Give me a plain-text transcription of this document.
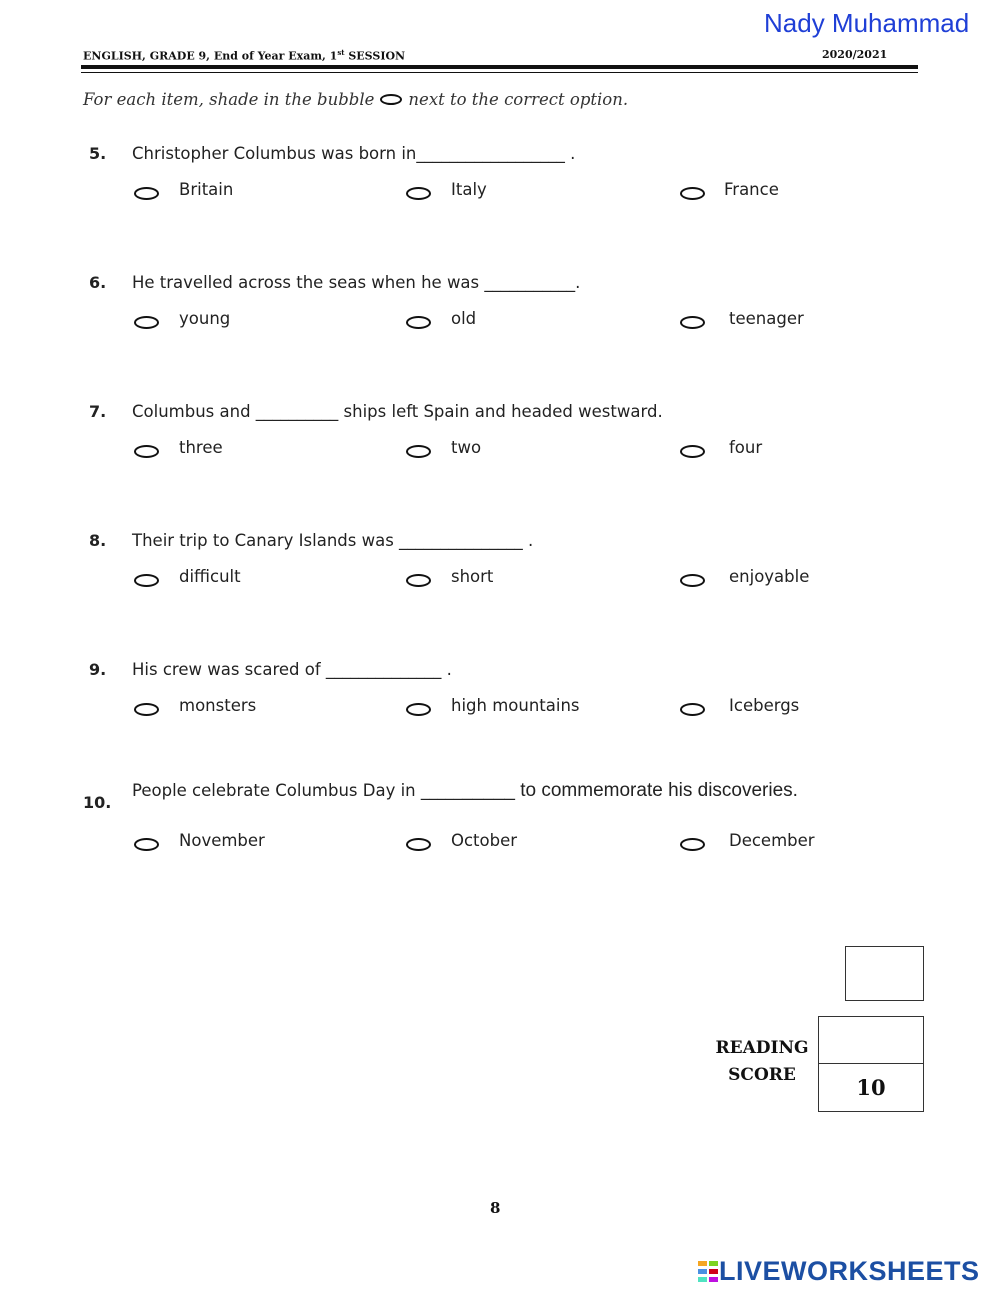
Nady Muhammad
ENGLISH, GRADE 9, End of Year Exam, 1st SESSION	2020/2021
For each item, shade in the bubble next to the correct option.
5. Christopher Columbus was born in__________________ .
Britain	Italy	France
6. He travelled across the seas when he was ___________.
young	old	teenager
7. Columbus and __________ ships left Spain and headed westward.
three	two	four
8. Their trip to Canary Islands was _______________ .
difficult	short	enjoyable
9. His crew was scared of ______________ .
monsters	high mountains	Icebergs
10.
People celebrate Columbus Day in __________ to commemorate his discoveries.
November	October	December
READING
SCORE	10
8
LIVEWORKSHEETS
